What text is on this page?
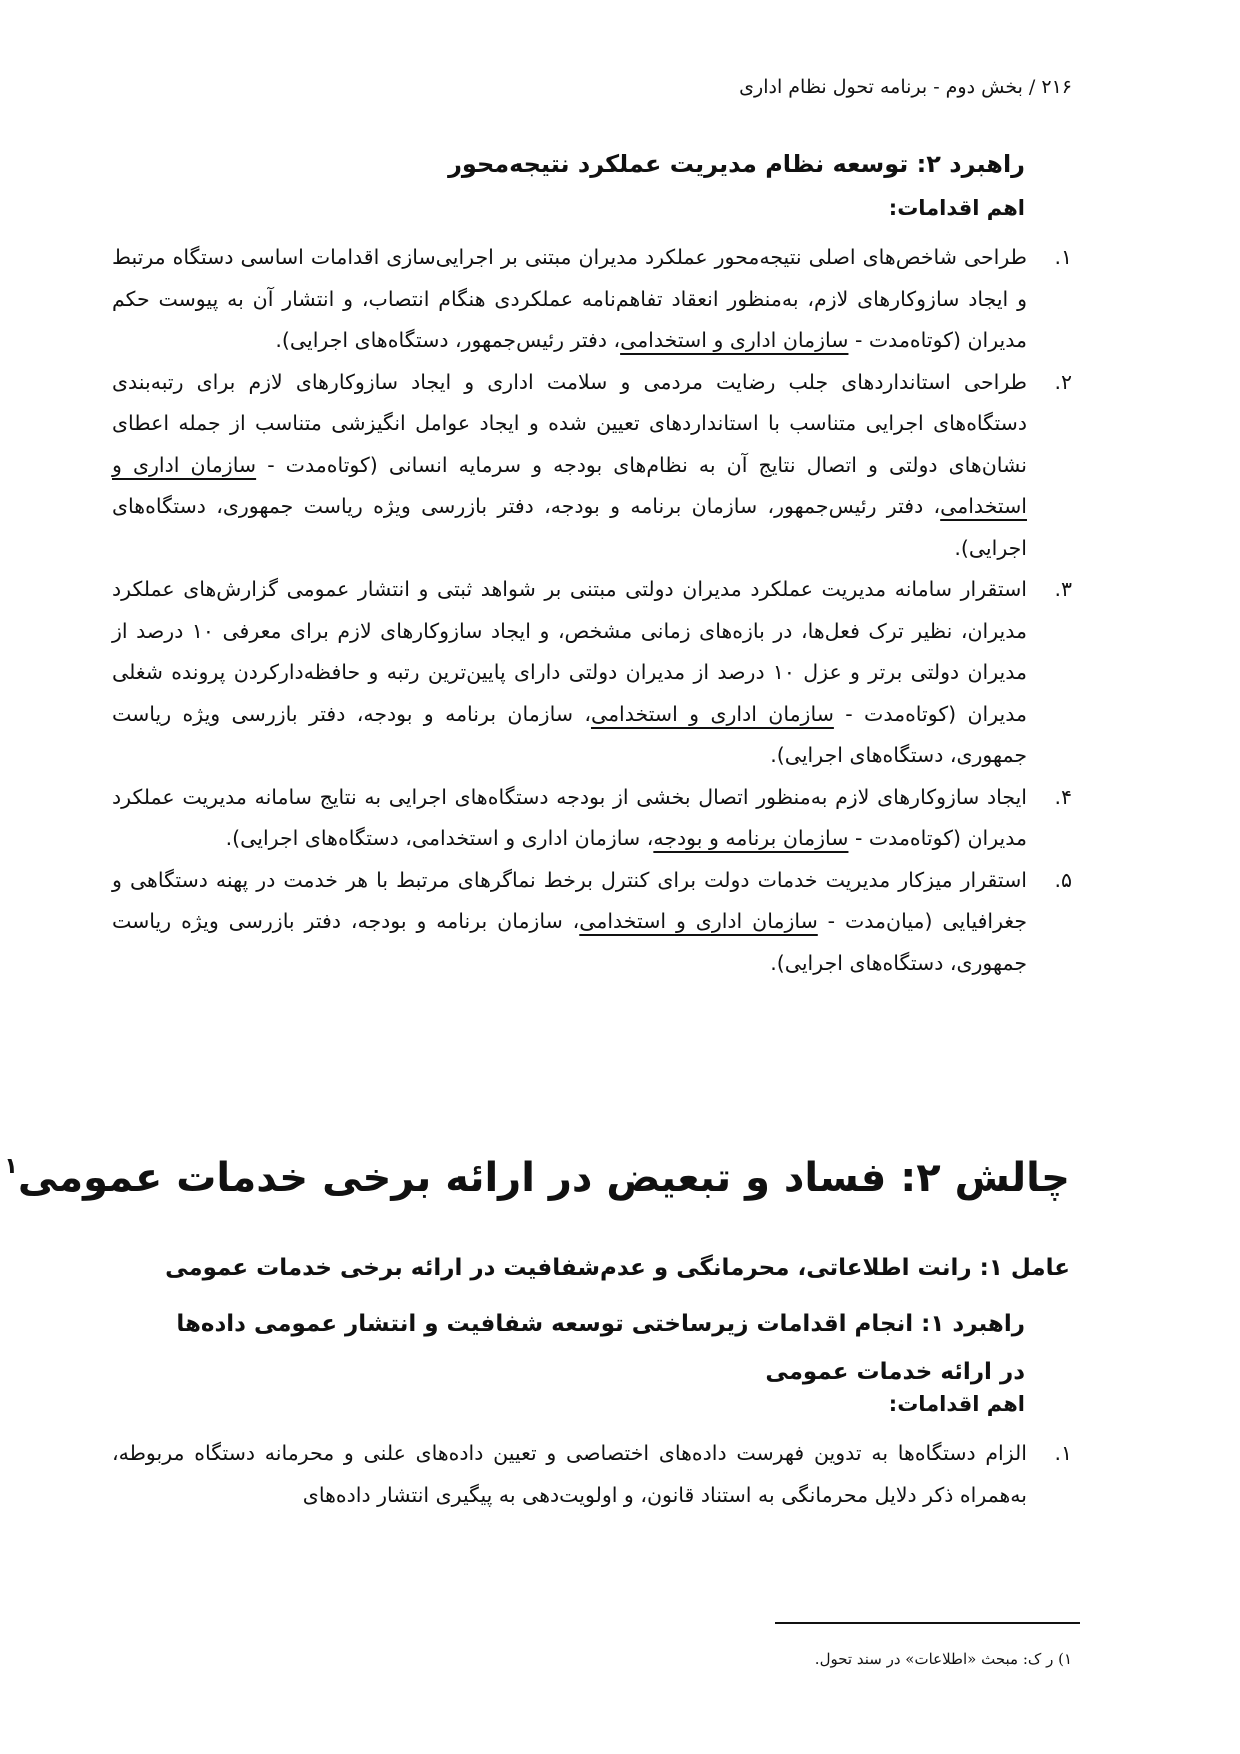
۲۱۶ / بخش دوم - برنامه تحول نظام اداری
راهبرد ۲: توسعه نظام مدیریت عملکرد نتیجه‌محور
اهم اقدامات:
۱.
طراحی شاخص‌های اصلی نتیجه‌محور عملکرد مدیران مبتنی بر اجرایی‌سازی اقدامات اساسی دستگاه مرتبط و ایجاد سازوکارهای لازم، به‌منظور انعقاد تفاهم‌نامه عملکردی هنگام انتصاب، و انتشار آن به پیوست حکم مدیران (کوتاه‌مدت - سازمان اداری و استخدامی، دفتر رئیس‌جمهور، دستگاه‌های اجرایی).
۲.
طراحی استانداردهای جلب رضایت مردمی و سلامت اداری و ایجاد سازوکارهای لازم برای رتبه‌بندی دستگاه‌های اجرایی متناسب با استانداردهای تعیین شده و ایجاد عوامل انگیزشی متناسب از جمله اعطای نشان‌های دولتی و اتصال نتایج آن به نظام‌های بودجه و سرمایه انسانی (کوتاه‌مدت - سازمان اداری و استخدامی، دفتر رئیس‌جمهور، سازمان برنامه و بودجه، دفتر بازرسی ویژه ریاست جمهوری، دستگاه‌های اجرایی).
۳.
استقرار سامانه مدیریت عملکرد مدیران دولتی مبتنی بر شواهد ثبتی و انتشار عمومی گزارش‌های عملکرد مدیران، نظیر ترک فعل‌ها، در بازه‌های زمانی مشخص، و ایجاد سازوکارهای لازم برای معرفی ۱۰ درصد از مدیران دولتی برتر و عزل ۱۰ درصد از مدیران دولتی دارای پایین‌ترین رتبه و حافظه‌دارکردن پرونده شغلی مدیران (کوتاه‌مدت - سازمان اداری و استخدامی، سازمان برنامه و بودجه، دفتر بازرسی ویژه ریاست جمهوری، دستگاه‌های اجرایی).
۴.
ایجاد سازوکارهای لازم به‌منظور اتصال بخشی از بودجه دستگاه‌های اجرایی به نتایج سامانه مدیریت عملکرد مدیران (کوتاه‌مدت - سازمان برنامه و بودجه، سازمان اداری و استخدامی، دستگاه‌های اجرایی).
۵.
استقرار میزکار مدیریت خدمات دولت برای کنترل برخط نماگرهای مرتبط با هر خدمت در پهنه دستگاهی و جغرافیایی (میان‌مدت - سازمان اداری و استخدامی، سازمان برنامه و بودجه، دفتر بازرسی ویژه ریاست جمهوری، دستگاه‌های اجرایی).
چالش ۲: فساد و تبعیض در ارائه برخی خدمات عمومی$^۱$
عامل ۱: رانت اطلاعاتی، محرمانگی و عدم‌شفافیت در ارائه برخی خدمات عمومی
راهبرد ۱: انجام اقدامات زیرساختی توسعه شفافیت و انتشار عمومی داده‌ها در ارائه خدمات عمومی
اهم اقدامات:
۱.
الزام دستگاه‌ها به تدوین فهرست داده‌های اختصاصی و تعیین داده‌های علنی و محرمانه دستگاه مربوطه، به‌همراه ذکر دلایل محرمانگی به استناد قانون، و اولویت‌دهی به پیگیری انتشار داده‌های
۱) ر ک: مبحث «اطلاعات» در سند تحول.
